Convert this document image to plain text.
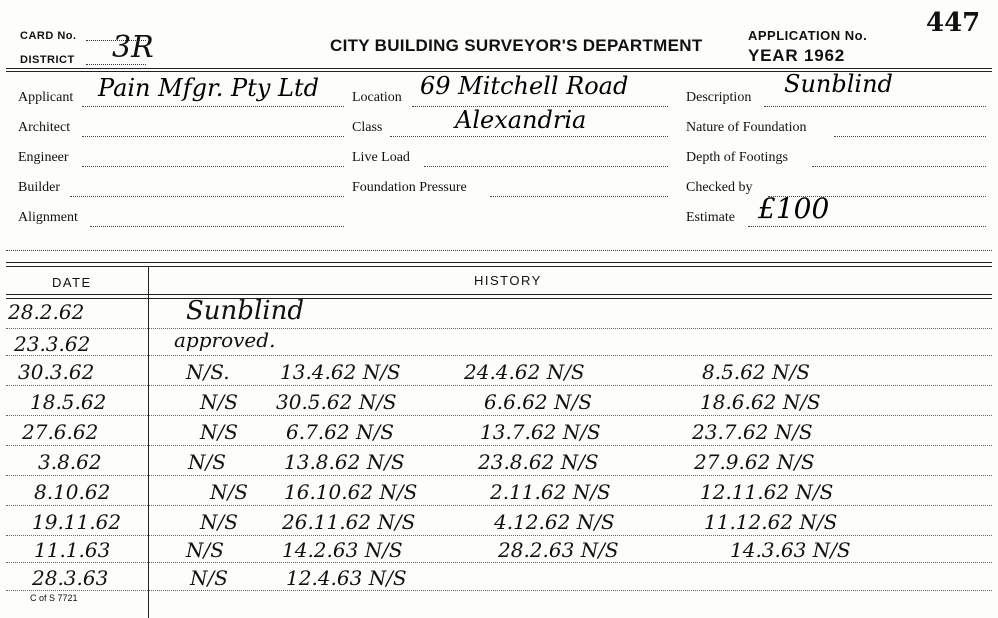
CARD No.
DISTRICT 3R	CITY BUILDING SURVEYOR'S DEPARTMENT
APPLICATION No.
YEAR 1962
447
Applicant Pain Mfgr. Pty Ltd
Architect
Engineer
Builder
Alignment
Location 69 Mitchell Road
Class	Alexandria
Live Load
Foundation Pressure
Description Sunblind
Nature of Foundation
Depth of Footings
Checked by
Estimate £100
DATE	HISTORY
28.2.62	Sunblind
23.3.62	approved.
30.3.62	N/S.	13.4.62 N/S	24.4.62 N/S	8.5.62 N/S
18.5.62	N/S 30.5.62 N/S	6.6.62 N/S	18.6.62 N/S
27.6.62	N/S 6.7.62 N/S	13.7.62 N/S	23.7.62 N/S
3.8.62	N/S	13.8.62 N/S	23.8.62 N/S	27.9.62 N/S
8.10.62	N/S 16.10.62 N/S	2.11.62 N/S	12.11.62 N/S
19.11.62	N/S 26.11.62 N/S	4.12.62 N/S	11.12.62 N/S
11.1.63	N/S	14.2.63 N/S	28.2.63 N/S	14.3.63 N/S
28.3.63	N/S	12.4.63 N/S
C of S 7721
